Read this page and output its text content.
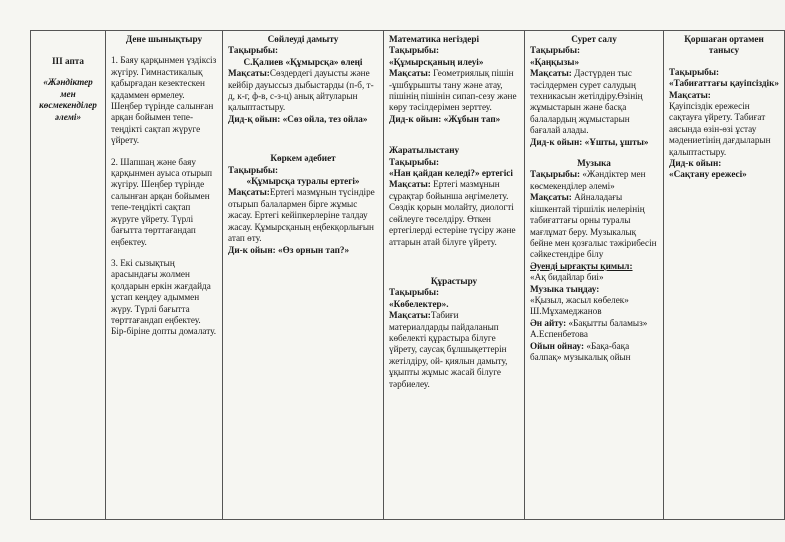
III апта
«Жәндіктер мен көсмекенділер әлемі»

Дене шынықтыру
1. Баяу қарқынмен үздіксіз жүгіру. Гимнастикалық қабырғадан кезектескен қадаммен өрмелеу. Шеңбер түрінде салынған арқан бойымен тепе-теңдікті сақтап жүруге үйрету.
2. Шапшаң және баяу қарқынмен ауыса отырып жүгіру. Шеңбер түрінде салынған арқан бойымен тепе-теңдікті сақтап жүруге үйрету. Түрлі бағытта төрттағандап еңбектеу.
3. Екі сызықтың арасындағы жолмен қолдарын еркін жағдайда ұстап кеңдеу адыммен жүру. Түрлі бағытта төрттағандап еңбектеу.
Бір-біріне допты домалату.

Сөйлеуді дамыту
Тақырыбы:
С.Қалиев «Құмырсқа» өлеңі
Мақсаты:Сөздердегі дауысты және кейбір дауыссыз дыбыстарды (п-б, т-д, к-г, ф-в, с-з-ц) анық айтуларын қалыптастыру.
Дид-қ ойын: «Сөз ойла, тез ойла»
Көркем әдебиет
Тақырыбы:
«Құмырсқа туралы ертегі»
Мақсаты:Ертегі мазмұнын түсіндіре отырып балалармен бірге жұмыс жасау. Ертегі кейіпкерлеріне талдау жасау. Құмырсқаның еңбекқорлығын атап өту.
Ди-к ойын: «Өз орнын тап?»

Математика негіздері
Тақырыбы:
«Құмырсқаның илеуі»
Мақсаты: Геометриялық пішін -ұшбұрышты тану және атау, пішінің пішінін сипап-сезу және көру тәсілдерімен зерттеу.
Дид-к ойын: «Жұбын тап»
Жаратылыстану
Тақырыбы:
«Нан қайдан келеді?» ертегісі
Мақсаты: Ертегі мазмұнын сұрақтар бойынша әңгімелету. Сөздік қорын молайту, диологті сөйлеуге төселдіру. Өткен ертегілерді естеріне түсіру және аттарын атай білуге үйрету.
Құрастыру
Тақырыбы:
«Көбелектер».
Мақсаты:Табиғи материалдарды пайдаланып көбелекті құрастыра білуге үйрету, саусақ бұлшықеттерін жетілдіру, ой- қиялын дамыту, ұқыпты жұмыс жасай білуге тәрбиелеу.

Сурет салу
Тақырыбы:
«Қаңқызы»
Мақсаты: Дәстүрден тыс тәсілдермен сурет салудың техникасын жетілдіру.Өзінің жұмыстарын және басқа балалардың жұмыстарын бағалай алады.
Дид-к ойын: «Ұшты, ұшты»
Музыка
Тақырыбы: «Жәндіктер мен көсмекенділер әлемі»
Мақсаты: Айналадағы кішкентай тіршілік иелерінің табиғаттағы орны туралы мағлұмат беру. Музыкалық бейне мен қозғалыс тәжірибесін сәйкестендіре білу
Әуенді ырғақты қимыл:
«Ақ бидайлар биі»
Музыка тыңдау:
«Қызыл, жасыл көбелек»
Ш.Мұхамеджанов
Ән айту: «Бақытты баламыз» А.Еспенбетова
Ойын ойнау: «Бақа-бақа балпақ» музыкалық ойын

Қоршаған ортамен танысу
Тақырыбы:
«Табиғаттағы қауіпсіздік»
Мақсаты:
Қауіпсіздік ережесін сақтауға үйрету. Табиғат аясында өзін-өзі ұстау мәдениетінің дағдыларын қалыптастыру.
Дид-к ойын:
«Сақтану ережесі»
